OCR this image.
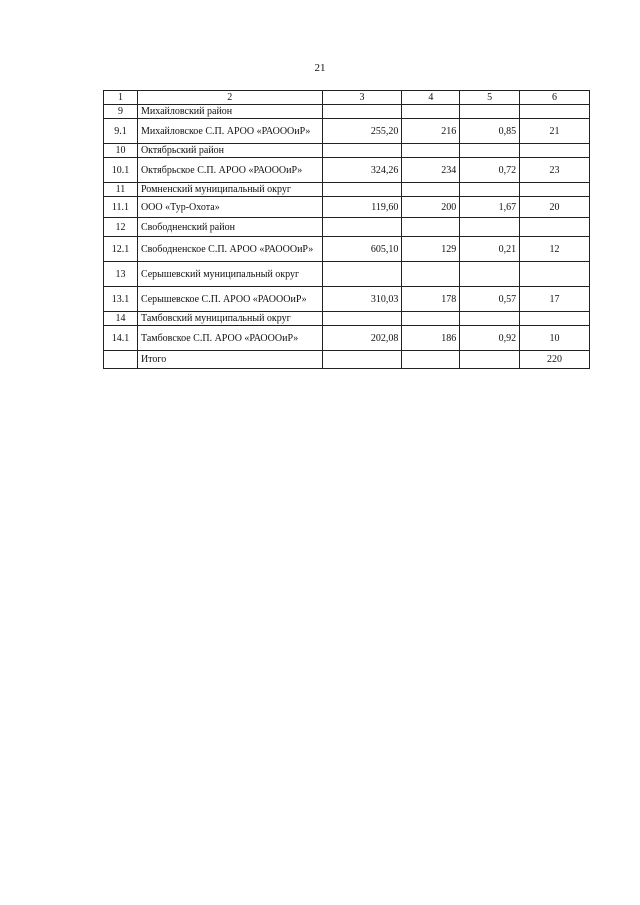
21
1	2	3	4	5	6
9	Михайловский район				
9.1	Михайловское С.П. АРОО «РАОООиР»	255,20	216	0,85	21
10	Октябрьский район				
10.1	Октябрьское С.П. АРОО «РАОООиР»	324,26	234	0,72	23
11	Ромненский муниципальный округ				
11.1	ООО «Тур-Охота»	119,60	200	1,67	20
12	Свободненский район				
12.1	Свободненское С.П. АРОО «РАОООиР»	605,10	129	0,21	12
13	Серышевский муниципальный округ				
13.1	Серышевское С.П. АРОО «РАОООиР»	310,03	178	0,57	17
14	Тамбовский муниципальный округ				
14.1	Тамбовское С.П. АРОО «РАОООиР»	202,08	186	0,92	10
	Итого				220
